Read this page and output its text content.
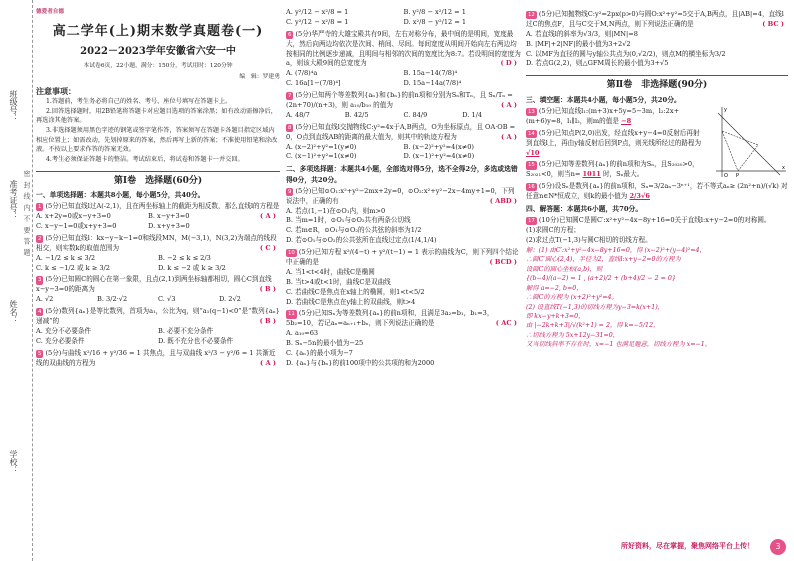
班级号：
准考证号：
姓名：
学校：
密 封 线 内 不 要 答 题
德爱者自德
高二学年(上)期末数学真题卷(一)
2022－2023学年安徽省六安一中
本试卷6页，22小题，满分：150分，考试用时：120分钟
编　辑：罗建勇
注意事项：
1.答题前，考生务必将自己的姓名、考号、座位号填写在答题卡上。
2.回答选择题时，用2B铅笔将答题卡对应题目选项的答案涂黑；如有改动需擦净后，再选涂其他答案。
3.非选择题须用黑色字迹的钢笔或签字笔作答，答案须写在答题卡各题目指定区域内相应位置上；如需改动，先划掉原来的答案，然后再写上新的答案；不准使用铅笔和涂改液。不按以上要求作答的答案无效。
4.考生必须保证答题卡的整洁。考试结束后，将试卷和答题卡一并交回。
第Ⅰ卷　选择题(60分)
一、单项选择题：本题共8小题，每小题5分，共40分。
1 (5分)已知直线l过A(-2,1)，且在两坐标轴上的截距为相反数，那么直线l的方程是
( A )
A. x+2y=0或x−y+3=0	B. x−y+3=0
C. x−y−1=0或x+y+3=0	D. x+y+3=0
2 (5分)已知直线l：kx−y−k−1=0和线段MN，M(−3,1)，N(3,2)为端点的线段相交，则实数k的取值范围为	( C )
A. −1/2 ≤ k ≤ 3/2	B. −2 ≤ k ≤ 2/3
C. k ≤ −1/2 或 k ≥ 3/2	D. k ≤ −2 或 k ≥ 3/2
3 (5分)已知圆C的圆心在第一象限，且点(2,1)到两坐标轴都相切，圆心C到直线x−y−3=0的距离为	( B )
A. √2	B. 3/2·√2	C. √3	D. 2√2
4 (5分)数列{aₙ}是等比数列，首项为a₁，公比为q，则“a₁(q−1)<0”是“数列{aₙ}递减”的	( B )
A. 充分不必要条件	B. 必要不充分条件
C. 充分必要条件	D. 既不充分也不必要条件
5 (5分)与曲线 x²/16 + y²/36 = 1 共焦点，且与双曲线 x²/3 − y²/6 = 1 共渐近线的双曲线的方程为	( A )
A. y²/12 − x²/8 = 1	B. y²/8 − x²/12 = 1
C. y²/12 − x²/8 = 1	D. x²/8 − y²/12 = 1
6 (5分)华严寺的大雄宝殿共有9间，左右对称分布，最中间的是明间，宽度最大，然后向两边均依次是次间、梢间、尽间。每间宽度从明间开始向左右两边均按相同的比例逐步递减，且明间与相邻的次间的宽度比为8:7。若设明间的宽度为a，则该大殿9间的总宽度为	( D )
A. (7/8)⁴a	B. 15a−14(7/8)⁴
C. 16a[1−(7/8)⁴]	D. 15a−14a(7/8)⁴
7 (5分)已知两个等差数列{aₙ}和{bₙ}的前n项和分别为Sₙ和Tₙ，且 Sₙ/Tₙ = (2n+70)/(n+3)，则 a₁₀/b₁₀ 的值为	( A )
A. 48/7	B. 42/5	C. 84/9	D. 1/4
8 (5分)已知直线l交抛物线C:y²=4x于A,B两点，O为坐标原点，且 OA·OB = 0，O点到直线AB的距离的最大值为，则其中的轨迹方程为	( A )
A. (x−2)²+y²=1(y≠0)	B. (x−2)²+y²=4(x≠0)
C. (x−1)²+y²=1(x≠0)	D. (x−1)²+y²=4(x≠0)
二、多项选择题：本题共4小题，全部选对得5分，选不全得2分，多选或选错得0分，共20分。
9 (5分)已知⊙O₁:x²+y²−2mx+2y=0，⊙O₂:x²+y²−2x−4my+1=0，下列说法中，正确的有	( ABD )
A. 若点(1,−1)在⊙O₁内，则m>0
B. 当m=1时，⊙O₁与⊙O₂共有两条公切线
C. 若m∈R，⊙O₁与⊙O₂的公共弦的斜率为1/2
D. 若⊙O₁与⊙O₂的公共弦所在直线过定点(1/4,1/4)
10 (5分)已知方程 x²/(4−t) + y²/(t−1) = 1 表示的曲线为C，则下列四个结论中正确的是	( BCD )
A. 当1<t<4时，曲线C是椭圆
B. 当t>4或t<1时，曲线C是双曲线
C. 若曲线C是焦点在x轴上的椭圆，则1<t<5/2
D. 若曲线C是焦点在y轴上的双曲线，则t>4
11 (5分)已知Sₙ为等差数列{aₙ}的前n项和，且满足3a₂=b₁，b₁=3，5b₂=10，若记aₙ=aₙ₊₁+bₙ，则下列说法正确的是	( AC )
A. a₁₀=63
B. Sₙ−5n的最小值为−25
C. {aₙ}的最小项为−7
D. {aₙ}与{bₙ}的前100项中的公共项的和为2000
12 (5分)已知抛物线C:y²=2px(p>0)与圆O:x²+y²=5交于A,B两点，且|AB|=4，直线l过C的焦点F，且与C交于M,N两点，则下列说法正确的是	( BC )
A. 若直线l的斜率为√3/3，则|MN|=8
B. |MF|+2|NF|的最小值为3+2√2
C. 以MF为直径的圆与y轴公共点为(0,√2/2)，则点M的横坐标为3/2
D. 若点G(2,2)，则△GFM周长的最小值为3+√5
第Ⅱ卷　非选择题(90分)
三、填空题：本题共4小题，每小题5分，共20分。
O P
x
y
13 (5分)已知直线l₁:(m+3)x+5y=5−3m，l₂:2x+(m+6)y=8，l₁∥l₂，则m的值是 −8
14 (5分)已知点P(2,0)出发，经直线x+y−4=0反射后再射到直线l上，再由y轴反射后回到P点，则光线所经过的路程为 √10
15 (5分)已知等差数列{aₙ}的前n项和为Sₙ，且S₂₀₂₀>0，S₂₀₂₁<0，则当n= 1011 时，Sₙ最大。
16 (5分)设Sₙ是数列{aₙ}的前n项和，Sₙ=3/2aₙ−3ⁿ⁺¹，若不等式aₙ≥ (2n²+n)/(√k) 对任意n∈N*恒成立，则k的最小值为 2/3√6
四、解答题：本题共6小题，共70分。
17 (10分)已知圆C是圆C′:x²+y²−4x−8y+16=0关于直线l:x+y−2=0的对称圆。
(1)求圆C的方程；
(2)求过点T(−1,3)与圆C相切的切线方程。
解：(1) 由C′:x²+y²−4x−8y+16=0，得 (x−2)²+(y−4)²=4，
∴圆C′圆心(2,4)，半径为2，直线l:x+y−2=0的方程为
设圆C的圆心坐标(a,b)，则
{(b−4)/(a−2) = 1 , (a+2)/2 + (b+4)/2 − 2 = 0}
解得 a=−2, b=0，
∴圆C的方程为 (x+2)²+y²=4。
(2) 设直线T(−1,3)的切线方程为y−3=k(x+1)，
即 kx−y+k+3=0，
由 |−2k+k+3|/√(k²+1) = 2，得 k=−5/12，
∴切线方程为 5x+12y−31=0，
又当切线斜率不存在时，x=−1 也满足题意，切线方程为 x=−1。
所好资料，尽在掌握，聚焦网络平台上传！	3
